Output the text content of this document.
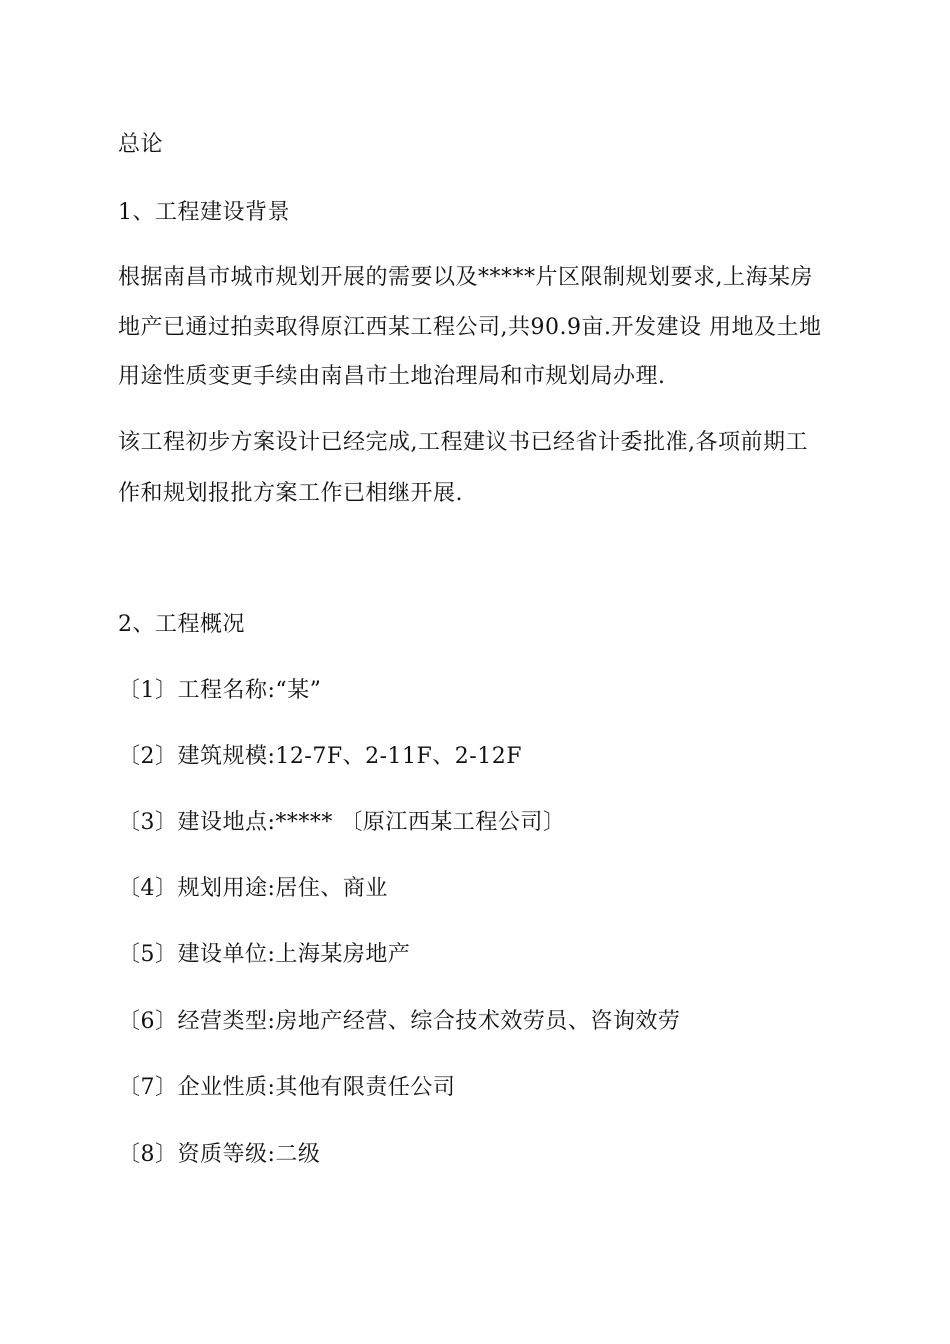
总论
1、工程建设背景
根据南昌市城市规划开展的需要以及*****片区限制规划要求,上海某房
地产已通过拍卖取得原江西某工程公司,共90.9亩.开发建设 用地及土地
用途性质变更手续由南昌市土地治理局和市规划局办理.
该工程初步方案设计已经完成,工程建议书已经省计委批准,各项前期工
作和规划报批方案工作已相继开展.
2、工程概况
〔1〕工程名称:“某”
〔2〕建筑规模:12-7F、2-11F、2-12F
〔3〕建设地点:***** 〔原江西某工程公司〕
〔4〕规划用途:居住、商业
〔5〕建设单位:上海某房地产
〔6〕经营类型:房地产经营、综合技术效劳员、咨询效劳
〔7〕企业性质:其他有限责任公司
〔8〕资质等级:二级
